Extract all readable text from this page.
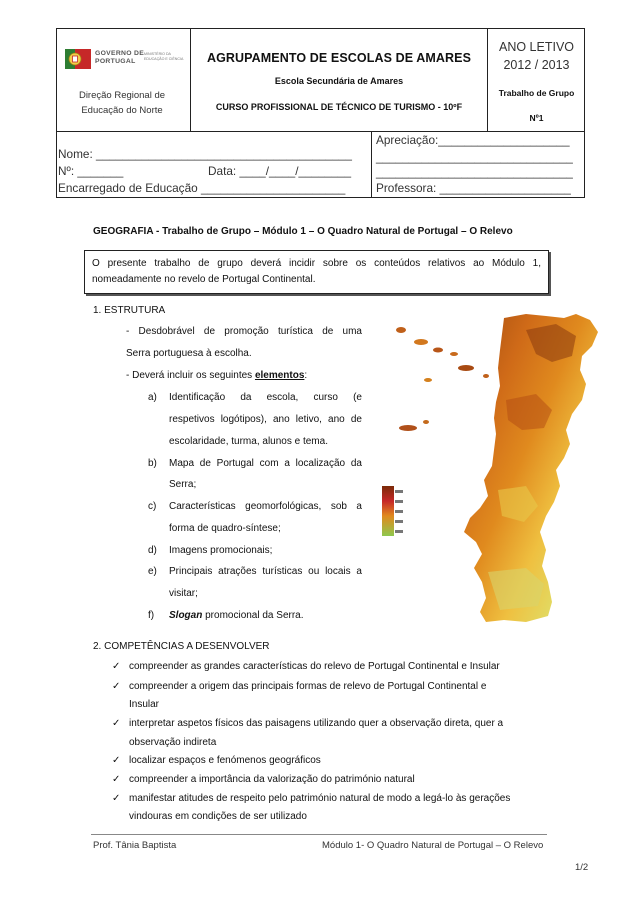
GOVERNO DE
PORTUGAL
MINISTÉRIO DA EDUCAÇÃO E CIÊNCIA
Direção Regional de
Educação do Norte
AGRUPAMENTO DE ESCOLAS DE AMARES
Escola Secundária de Amares
CURSO PROFISSIONAL DE TÉCNICO DE TURISMO - 10ºF
ANO LETIVO
2012 / 2013
Trabalho de Grupo
Nº1
Nome: _______________________________________
Nº: _______	Data: ____/____/________
Encarregado de Educação ______________________
Apreciação:____________________
______________________________
______________________________
Professora: ____________________
GEOGRAFIA - Trabalho de Grupo – Módulo 1 – O Quadro Natural de Portugal – O Relevo
O presente trabalho de grupo deverá incidir sobre os conteúdos relativos ao Módulo 1,
nomeadamente no revelo de Portugal Continental.
1. ESTRUTURA
- Desdobrável de promoção turística de uma
Serra portuguesa à escolha.
- Deverá incluir os seguintes elementos:
a) Identificação da escola, curso (e
respetivos logótipos), ano letivo, ano de
escolaridade, turma, alunos e tema.
b) Mapa de Portugal com a localização da
Serra;
c) Características geomorfológicas, sob a
forma de quadro-síntese;
d) Imagens promocionais;
e) Principais atrações turísticas ou locais a
visitar;
f) Slogan promocional da Serra.
2. COMPETÊNCIAS A DESENVOLVER
✓ compreender as grandes características do relevo de Portugal Continental e Insular
✓ compreender a origem das principais formas de relevo de Portugal Continental e
Insular
✓ interpretar aspetos físicos das paisagens utilizando quer a observação direta, quer a
observação indireta
✓ localizar espaços e fenómenos geográficos
✓ compreender a importância da valorização do património natural
✓ manifestar atitudes de respeito pelo património natural de modo a legá-lo às gerações
vindouras em condições de ser utilizado
Prof. Tânia Baptista	Módulo 1- O Quadro Natural de Portugal – O Relevo
1/2
